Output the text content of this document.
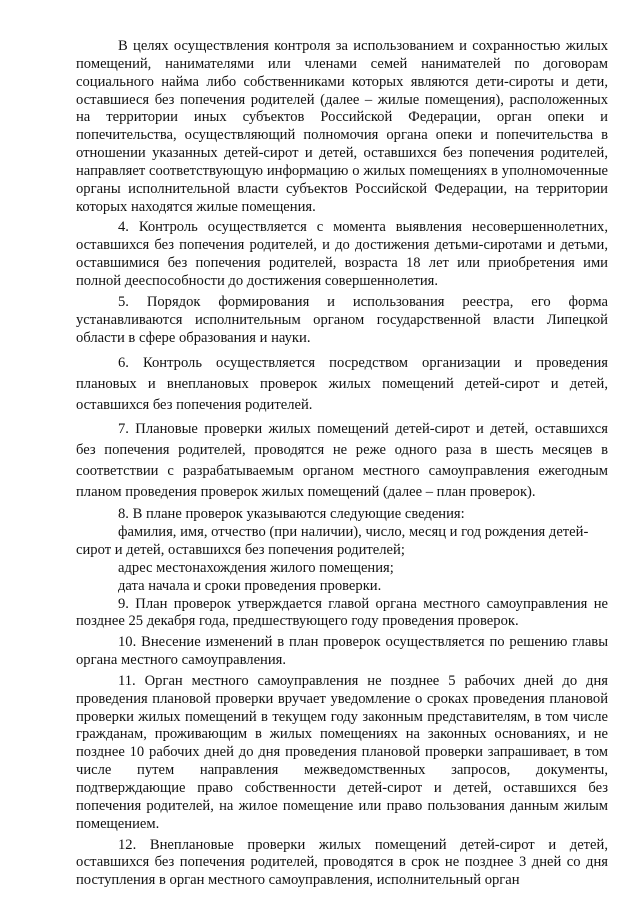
В целях осуществления контроля за использованием и сохранностью жилых помещений, нанимателями или членами семей нанимателей по договорам социального найма либо собственниками которых являются дети-сироты и дети, оставшиеся без попечения родителей (далее – жилые помещения), расположенных на территории иных субъектов Российской Федерации, орган опеки и попечительства, осуществляющий полномочия органа опеки и попечительства в отношении указанных детей-сирот и детей, оставшихся без попечения родителей, направляет соответствующую информацию о жилых помещениях в уполномоченные органы исполнительной власти субъектов Российской Федерации, на территории которых находятся жилые помещения.

4. Контроль осуществляется с момента выявления несовершеннолетних, оставшихся без попечения родителей, и до достижения детьми-сиротами и детьми, оставшимися без попечения родителей, возраста 18 лет или приобретения ими полной дееспособности до достижения совершеннолетия.

5. Порядок формирования и использования реестра, его форма устанавливаются исполнительным органом государственной власти Липецкой области в сфере образования и науки.

6. Контроль осуществляется посредством организации и проведения плановых и внеплановых проверок жилых помещений детей-сирот и детей, оставшихся без попечения родителей.

7. Плановые проверки жилых помещений детей-сирот и детей, оставшихся без попечения родителей, проводятся не реже одного раза в шесть месяцев в соответствии с разрабатываемым органом местного самоуправления ежегодным планом проведения проверок жилых помещений (далее – план проверок).

8. В плане проверок указываются следующие сведения:

фамилия, имя, отчество (при наличии), число, месяц и год рождения детей-сирот и детей, оставшихся без попечения родителей;

адрес местонахождения жилого помещения;

дата начала и сроки проведения проверки.

9. План проверок утверждается главой органа местного самоуправления не позднее 25 декабря года, предшествующего году проведения проверок.

10. Внесение изменений в план проверок осуществляется по решению главы органа местного самоуправления.

11. Орган местного самоуправления не позднее 5 рабочих дней до дня проведения плановой проверки вручает уведомление о сроках проведения плановой проверки жилых помещений в текущем году законным представителям, в том числе гражданам, проживающим в жилых помещениях на законных основаниях, и не позднее 10 рабочих дней до дня проведения плановой проверки запрашивает, в том числе путем направления межведомственных запросов, документы, подтверждающие право собственности детей-сирот и детей, оставшихся без попечения родителей, на жилое помещение или право пользования данным жилым помещением.

12. Внеплановые проверки жилых помещений детей-сирот и детей, оставшихся без попечения родителей, проводятся в срок не позднее 3 дней со дня поступления в орган местного самоуправления, исполнительный орган
